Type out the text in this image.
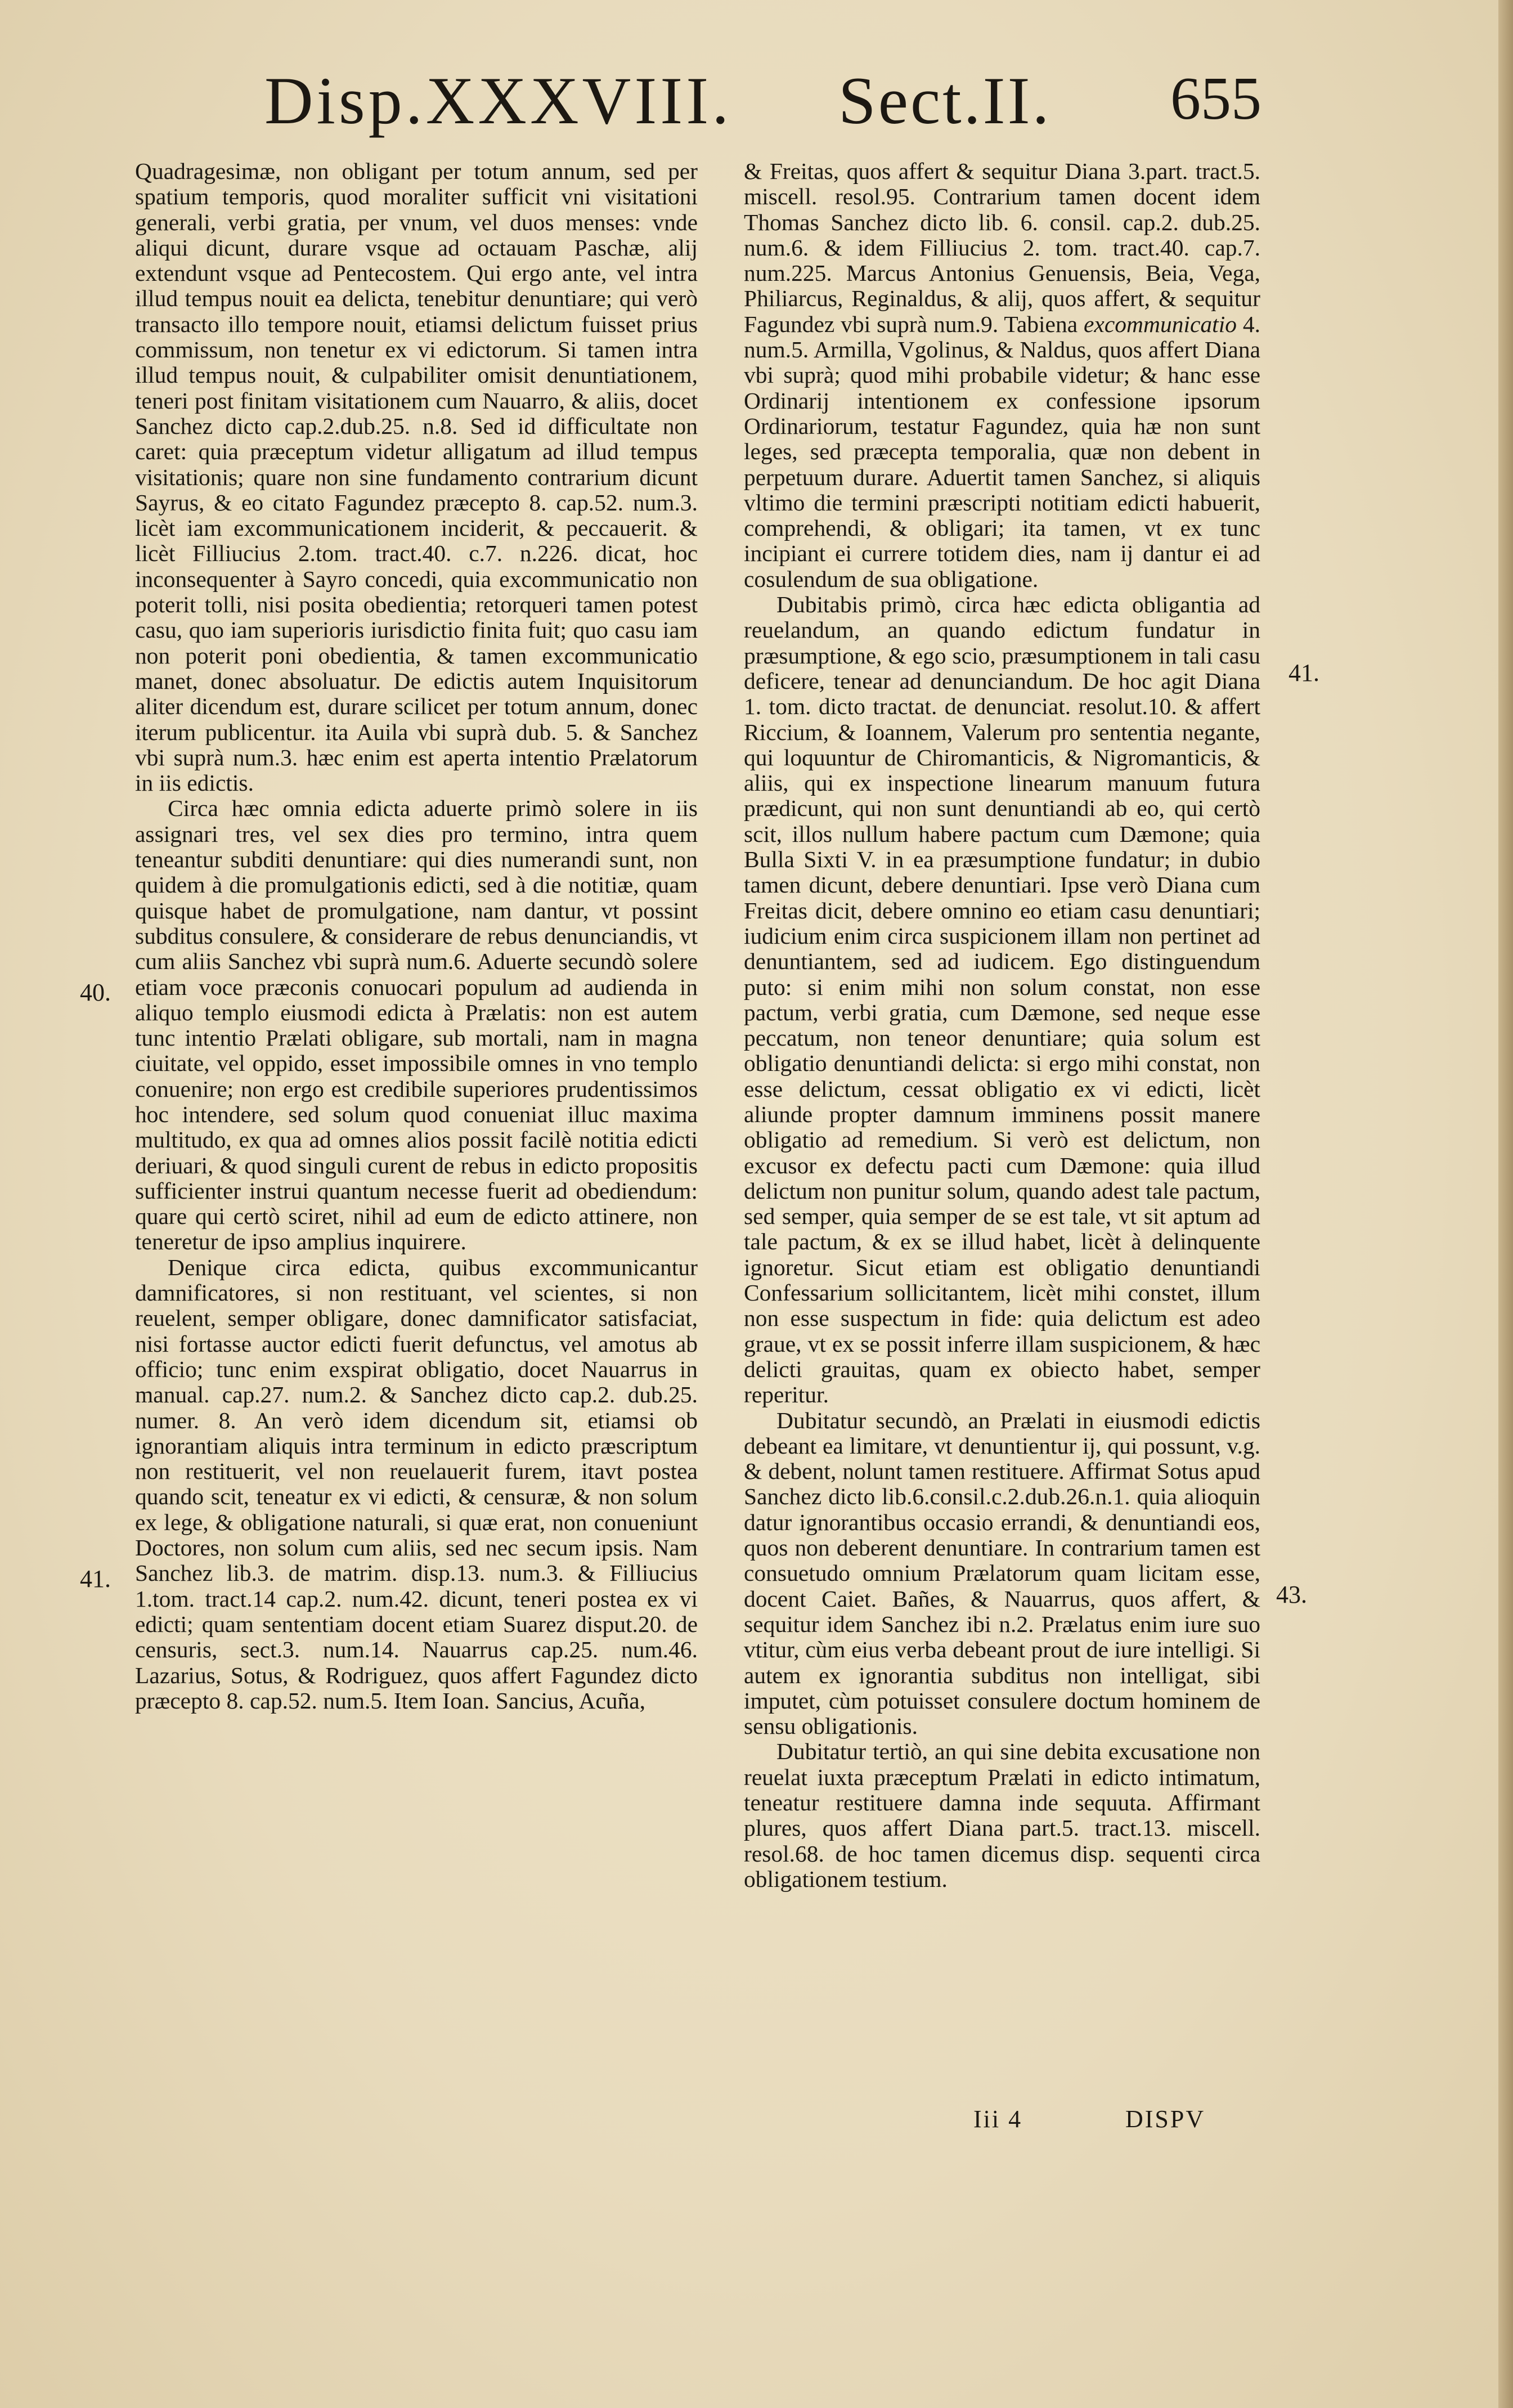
Disp.XXXVIII. Sect.II. 655

Quadragesimæ, non obligant per totum annum, sed per spatium temporis, quod moraliter sufficit vni visitationi generali, verbi gratia, per vnum, vel duos menses: vnde aliqui dicunt, durare vsque ad octauam Paschæ, alij extendunt vsque ad Pentecostem. Qui ergo ante, vel intra illud tempus nouit ea delicta, tenebitur denuntiare; qui verò transacto illo tempore nouit, etiamsi delictum fuisset prius commissum, non tenetur ex vi edictorum. Si tamen intra illud tempus nouit, & culpabiliter omisit denuntiationem, teneri post finitam visitationem cum Nauarro, & aliis, docet Sanchez dicto cap.2.dub.25. n.8. Sed id difficultate non caret: quia præceptum videtur alligatum ad illud tempus visitationis; quare non sine fundamento contrarium dicunt Sayrus, & eo citato Fagundez præcepto 8. cap.52. num.3. licèt iam excommunicationem inciderit, & peccauerit. & licèt Filliucius 2.tom. tract.40. c.7. n.226. dicat, hoc inconsequenter à Sayro concedi, quia excommunicatio non poterit tolli, nisi posita obedientia; retorqueri tamen potest casu, quo iam superioris iurisdictio finita fuit; quo casu iam non poterit poni obedientia, & tamen excommunicatio manet, donec absoluatur. De edictis autem Inquisitorum aliter dicendum est, durare scilicet per totum annum, donec iterum publicentur. ita Auila vbi suprà dub. 5. & Sanchez vbi suprà num.3. hæc enim est aperta intentio Prælatorum in iis edictis.

Circa hæc omnia edicta aduerte primò solere in iis assignari tres, vel sex dies pro termino, intra quem teneantur subditi denuntiare: qui dies numerandi sunt, non quidem à die promulgationis edicti, sed à die notitiæ, quam quisque habet de promulgatione, nam dantur, vt possint subditus consulere, & considerare de rebus denunciandis, vt cum aliis Sanchez vbi suprà num.6. Aduerte secundò solere etiam voce præconis conuocari populum ad audienda in aliquo templo eiusmodi edicta à Prælatis: non est autem tunc intentio Prælati obligare, sub mortali, nam in magna ciuitate, vel oppido, esset impossibile omnes in vno templo conuenire; non ergo est credibile superiores prudentissimos hoc intendere, sed solum quod conueniat illuc maxima multitudo, ex qua ad omnes alios possit facilè notitia edicti deriuari, & quod singuli curent de rebus in edicto propositis sufficienter instrui quantum necesse fuerit ad obediendum: quare qui certò sciret, nihil ad eum de edicto attinere, non teneretur de ipso amplius inquirere.

Denique circa edicta, quibus excommunicantur damnificatores, si non restituant, vel scientes, si non reuelent, semper obligare, donec damnificator satisfaciat, nisi fortasse auctor edicti fuerit defunctus, vel amotus ab officio; tunc enim exspirat obligatio, docet Nauarrus in manual. cap.27. num.2. & Sanchez dicto cap.2. dub.25. numer. 8. An verò idem dicendum sit, etiamsi ob ignorantiam aliquis intra terminum in edicto præscriptum non restituerit, vel non reuelauerit furem, itavt postea quando scit, teneatur ex vi edicti, & censuræ, & non solum ex lege, & obligatione naturali, si quæ erat, non conueniunt Doctores, non solum cum aliis, sed nec secum ipsis. Nam Sanchez lib.3. de matrim. disp.13. num.3. & Filliucius 1.tom. tract.14 cap.2. num.42. dicunt, teneri postea ex vi edicti; quam sententiam docent etiam Suarez disput.20. de censuris, sect.3. num.14. Nauarrus cap.25. num.46. Lazarius, Sotus, & Rodriguez, quos affert Fagundez dicto præcepto 8. cap.52. num.5. Item Ioan. Sancius, Acuña,

& Freitas, quos affert & sequitur Diana 3.part. tract.5. miscell. resol.95. Contrarium tamen docent idem Thomas Sanchez dicto lib. 6. consil. cap.2. dub.25. num.6. & idem Filliucius 2. tom. tract.40. cap.7. num.225. Marcus Antonius Genuensis, Beia, Vega, Philiarcus, Reginaldus, & alij, quos affert, & sequitur Fagundez vbi suprà num.9. Tabiena excommunicatio 4. num.5. Armilla, Vgolinus, & Naldus, quos affert Diana vbi suprà; quod mihi probabile videtur; & hanc esse Ordinarij intentionem ex confessione ipsorum Ordinariorum, testatur Fagundez, quia hæ non sunt leges, sed præcepta temporalia, quæ non debent in perpetuum durare. Aduertit tamen Sanchez, si aliquis vltimo die termini præscripti notitiam edicti habuerit, comprehendi, & obligari; ita tamen, vt ex tunc incipiant ei currere totidem dies, nam ij dantur ei ad cosulendum de sua obligatione.

Dubitabis primò, circa hæc edicta obligantia ad reuelandum, an quando edictum fundatur in præsumptione, & ego scio, præsumptionem in tali casu deficere, tenear ad denunciandum. De hoc agit Diana 1. tom. dicto tractat. de denunciat. resolut.10. & affert Riccium, & Ioannem, Valerum pro sententia negante, qui loquuntur de Chiromanticis, & Nigromanticis, & aliis, qui ex inspectione linearum manuum futura prædicunt, qui non sunt denuntiandi ab eo, qui certò scit, illos nullum habere pactum cum Dæmone; quia Bulla Sixti V. in ea præsumptione fundatur; in dubio tamen dicunt, debere denuntiari. Ipse verò Diana cum Freitas dicit, debere omnino eo etiam casu denuntiari; iudicium enim circa suspicionem illam non pertinet ad denuntiantem, sed ad iudicem. Ego distinguendum puto: si enim mihi non solum constat, non esse pactum, verbi gratia, cum Dæmone, sed neque esse peccatum, non teneor denuntiare; quia solum est obligatio denuntiandi delicta: si ergo mihi constat, non esse delictum, cessat obligatio ex vi edicti, licèt aliunde propter damnum imminens possit manere obligatio ad remedium. Si verò est delictum, non excusor ex defectu pacti cum Dæmone: quia illud delictum non punitur solum, quando adest tale pactum, sed semper, quia semper de se est tale, vt sit aptum ad tale pactum, & ex se illud habet, licèt à delinquente ignoretur. Sicut etiam est obligatio denuntiandi Confessarium sollicitantem, licèt mihi constet, illum non esse suspectum in fide: quia delictum est adeo graue, vt ex se possit inferre illam suspicionem, & hæc delicti grauitas, quam ex obiecto habet, semper reperitur.

Dubitatur secundò, an Prælati in eiusmodi edictis debeant ea limitare, vt denuntientur ij, qui possunt, v.g. & debent, nolunt tamen restituere. Affirmat Sotus apud Sanchez dicto lib.6.consil.c.2.dub.26.n.1. quia alioquin datur ignorantibus occasio errandi, & denuntiandi eos, quos non deberent denuntiare. In contrarium tamen est consuetudo omnium Prælatorum quam licitam esse, docent Caiet. Bañes, & Nauarrus, quos affert, & sequitur idem Sanchez ibi n.2. Prælatus enim iure suo vtitur, cùm eius verba debeant prout de iure intelligi. Si autem ex ignorantia subditus non intelligat, sibi imputet, cùm potuisset consulere doctum hominem de sensu obligationis.

Dubitatur tertiò, an qui sine debita excusatione non reuelat iuxta præceptum Prælati in edicto intimatum, teneatur restituere damna inde sequuta. Affirmant plures, quos affert Diana part.5. tract.13. miscell. resol.68. de hoc tamen dicemus disp. sequenti circa obligationem testium.

40.
41.
41.
43.
Iii 4	DISPV
